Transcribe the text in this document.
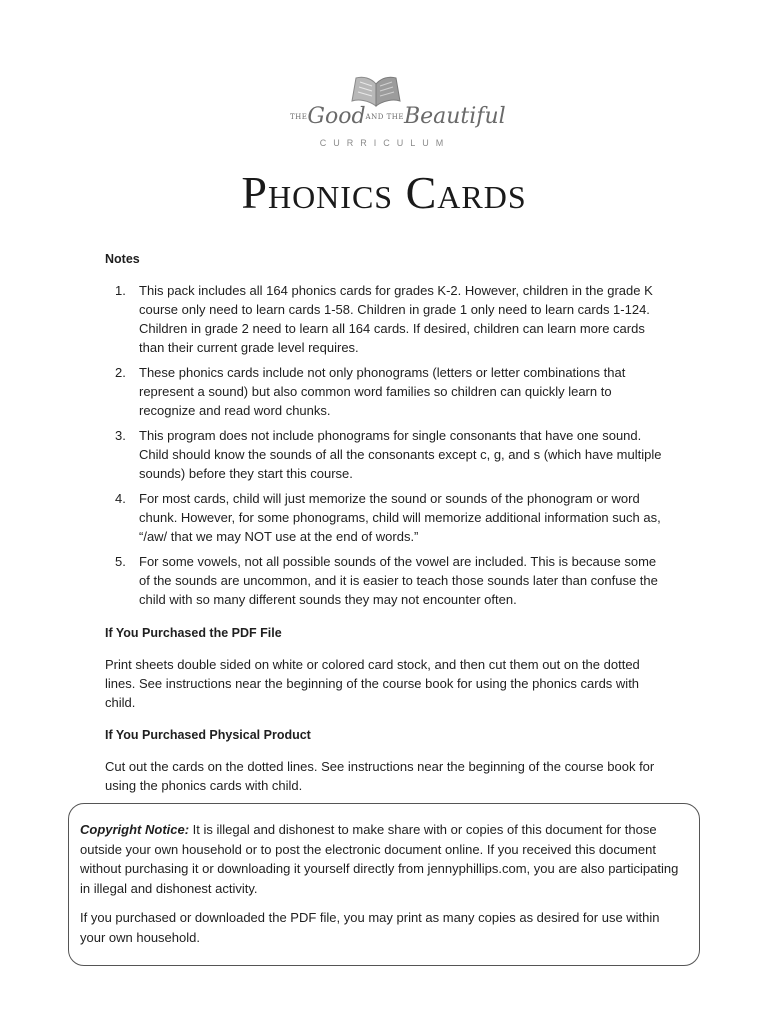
THEGoodAND THEBeautiful
CURRICULUM
Phonics Cards
Notes
1.	This pack includes all 164 phonics cards for grades K-2. However, children in the grade K course only need to learn cards 1-58. Children in grade 1 only need to learn cards 1-124. Children in grade 2 need to learn all 164 cards. If desired, children can learn more cards than their current grade level requires.
2.	These phonics cards include not only phonograms (letters or letter combinations that represent a sound) but also common word families so children can quickly learn to recognize and read word chunks.
3.	This program does not include phonograms for single consonants that have one sound. Child should know the sounds of all the consonants except c, g, and s (which have multiple sounds) before they start this course.
4.	For most cards, child will just memorize the sound or sounds of the phonogram or word chunk. However, for some phonograms, child will memorize additional information such as, “/aw/ that we may NOT use at the end of words.”
5.	For some vowels, not all possible sounds of the vowel are included. This is because some of the sounds are uncommon, and it is easier to teach those sounds later than confuse the child with so many different sounds they may not encounter often.
If You Purchased the PDF File

Print sheets double sided on white or colored card stock, and then cut them out on the dotted lines. See instructions near the beginning of the course book for using the phonics cards with child.

If You Purchased Physical Product

Cut out the cards on the dotted lines. See instructions near the beginning of the course book for using the phonics cards with child.

Copyright Notice: It is illegal and dishonest to make share with or copies of this document for those outside your own household or to post the electronic document online. If you received this document without purchasing it or downloading it yourself directly from jennyphillips.com, you are also participating in illegal and dishonest activity.

If you purchased or downloaded the PDF file, you may print as many copies as desired for use within your own household.
